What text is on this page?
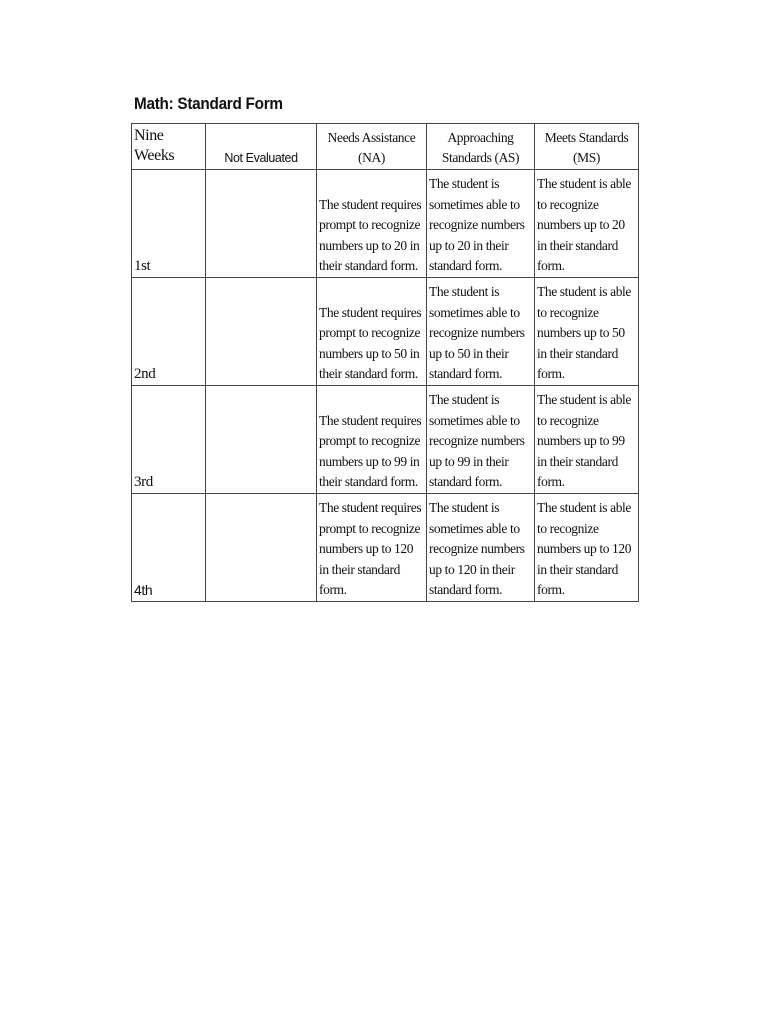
Math: Standard Form
Nine Weeks	Not Evaluated	Needs Assistance (NA)	Approaching Standards (AS)	Meets Standards (MS)
1st		The student requires prompt to recognize numbers up to 20 in their standard form.	The student is sometimes able to recognize numbers up to 20 in their standard form.	The student is able to recognize numbers up to 20 in their standard form.
2nd		The student requires prompt to recognize numbers up to 50 in their standard form.	The student is sometimes able to recognize numbers up to 50 in their standard form.	The student is able to recognize numbers up to 50 in their standard form.
3rd		The student requires prompt to recognize numbers up to 99 in their standard form.	The student is sometimes able to recognize numbers up to 99 in their standard form.	The student is able to recognize numbers up to 99 in their standard form.
4th		The student requires prompt to recognize numbers up to 120 in their standard form.	The student is sometimes able to recognize numbers up to 120 in their standard form.	The student is able to recognize numbers up to 120 in their standard form.
